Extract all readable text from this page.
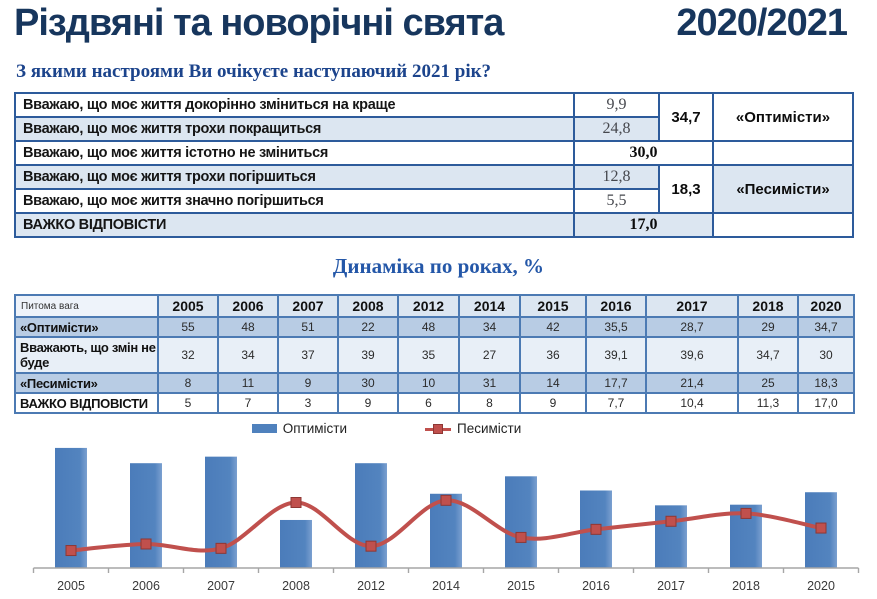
Різдвяні та новорічні свята	2020/2021
З якими настроями Ви очікуєте наступаючий 2021 рік?
Вважаю, що моє життя докорінно зміниться на краще	9,9	34,7	«Оптимісти»
Вважаю, що моє життя трохи покращиться	24,8		
Вважаю, що моє життя істотно не зміниться	30,0		
Вважаю, що моє життя трохи погіршиться	12,8	18,3	«Песимісти»
Вважаю, що моє життя значно погіршиться	5,5		
ВАЖКО ВІДПОВІСТИ	17,0		
Динаміка по роках, %
Питома вага	2005	2006	2007	2008	2012	2014	2015	2016	2017	2018	2020
«Оптимісти»	55	48	51	22	48	34	42	35,5	28,7	29	34,7
Вважають, що змін не буде	32	34	37	39	35	27	36	39,1	39,6	34,7	30
«Песимісти»	8	11	9	30	10	31	14	17,7	21,4	25	18,3
ВАЖКО ВІДПОВІСТИ	5	7	3	9	6	8	9	7,7	10,4	11,3	17,0
Оптимісти	Песимісти
2005	2006	2007	2008	2012	2014	2015	2016	2017	2018	2020
